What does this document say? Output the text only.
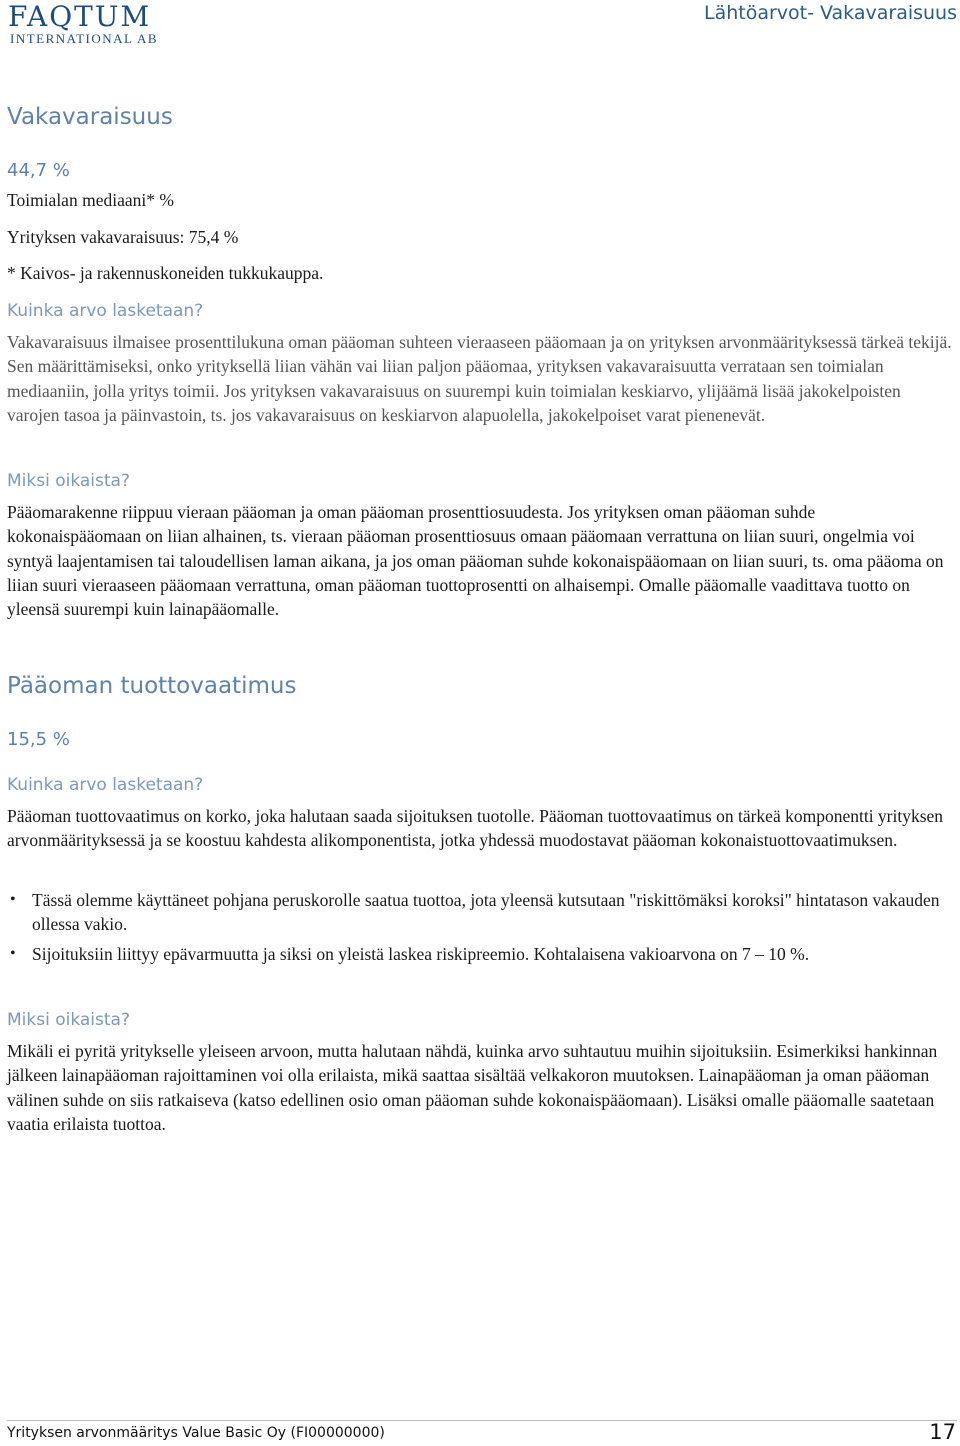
FAQTUM
INTERNATIONAL AB
Lähtöarvot- Vakavaraisuus
Vakavaraisuus
44,7 %
Toimialan mediaani* %
Yrityksen vakavaraisuus: 75,4 %
* Kaivos- ja rakennuskoneiden tukkukauppa.
Kuinka arvo lasketaan?
Vakavaraisuus ilmaisee prosenttilukuna oman pääoman suhteen vieraaseen pääomaan ja on yrityksen arvonmäärityksessä tärkeä tekijä. Sen määrittämiseksi, onko yrityksellä liian vähän vai liian paljon pääomaa, yrityksen vakavaraisuutta verrataan sen toimialan mediaaniin, jolla yritys toimii. Jos yrityksen vakavaraisuus on suurempi kuin toimialan keskiarvo, ylijäämä lisää jakokelpoisten varojen tasoa ja päinvastoin, ts. jos vakavaraisuus on keskiarvon alapuolella, jakokelpoiset varat pienenevät.
Miksi oikaista?
Pääomarakenne riippuu vieraan pääoman ja oman pääoman prosenttiosuudesta. Jos yrityksen oman pääoman suhde kokonaispääomaan on liian alhainen, ts. vieraan pääoman prosenttiosuus omaan pääomaan verrattuna on liian suuri, ongelmia voi syntyä laajentamisen tai taloudellisen laman aikana, ja jos oman pääoman suhde kokonaispääomaan on liian suuri, ts. oma pääoma on liian suuri vieraaseen pääomaan verrattuna, oman pääoman tuottoprosentti on alhaisempi. Omalle pääomalle vaadittava tuotto on yleensä suurempi kuin lainapääomalle.
Pääoman tuottovaatimus
15,5 %
Kuinka arvo lasketaan?
Pääoman tuottovaatimus on korko, joka halutaan saada sijoituksen tuotolle. Pääoman tuottovaatimus on tärkeä komponentti yrityksen arvonmäärityksessä ja se koostuu kahdesta alikomponentista, jotka yhdessä muodostavat pääoman kokonaistuottovaatimuksen.
• Tässä olemme käyttäneet pohjana peruskorolle saatua tuottoa, jota yleensä kutsutaan "riskittömäksi koroksi" hintatason vakauden ollessa vakio.
• Sijoituksiin liittyy epävarmuutta ja siksi on yleistä laskea riskipreemio. Kohtalaisena vakioarvona on 7 – 10 %.
Miksi oikaista?
Mikäli ei pyritä yritykselle yleiseen arvoon, mutta halutaan nähdä, kuinka arvo suhtautuu muihin sijoituksiin. Esimerkiksi hankinnan jälkeen lainapääoman rajoittaminen voi olla erilaista, mikä saattaa sisältää velkakoron muutoksen. Lainapääoman ja oman pääoman välinen suhde on siis ratkaiseva (katso edellinen osio oman pääoman suhde kokonaispääomaan). Lisäksi omalle pääomalle saatetaan vaatia erilaista tuottoa.
Yrityksen arvonmääritys Value Basic Oy (FI00000000)	17
